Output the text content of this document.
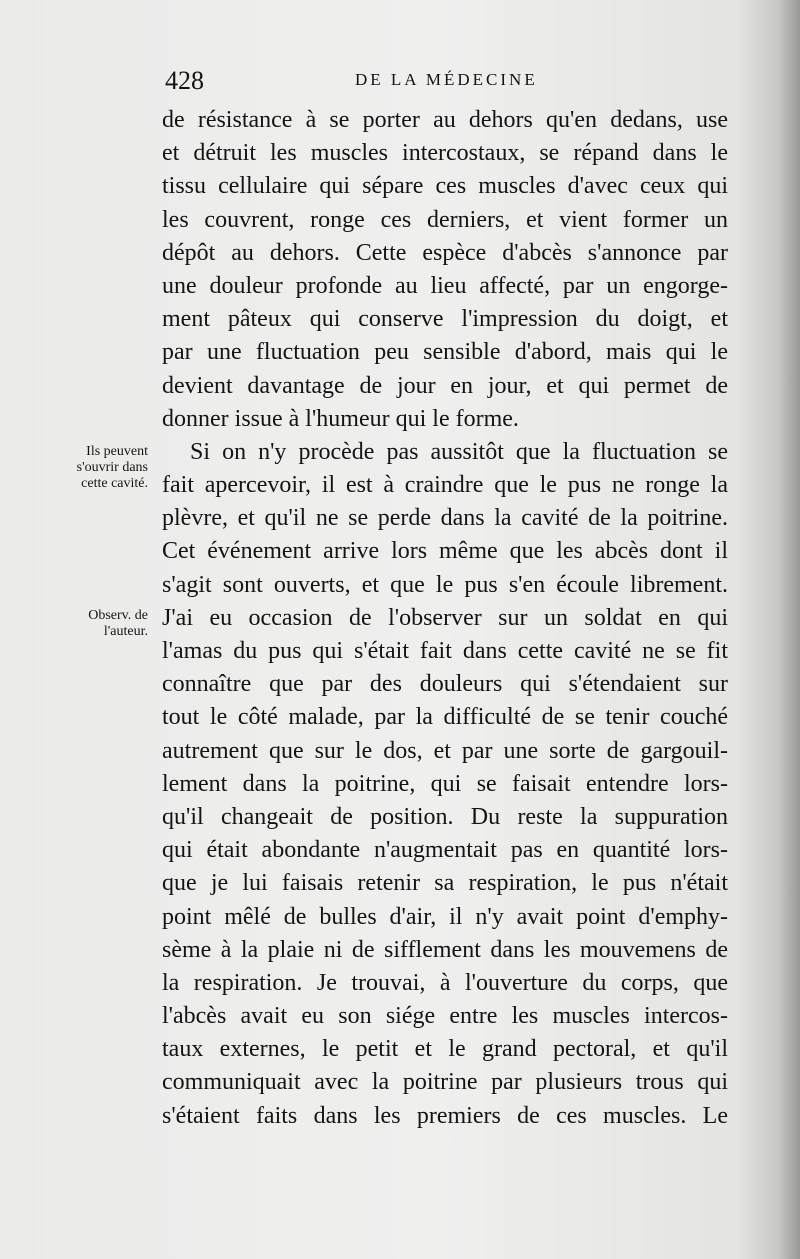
428	DE LA MÉDECINE
de résistance à se porter au dehors qu'en dedans, use
et détruit les muscles intercostaux, se répand dans le
tissu cellulaire qui sépare ces muscles d'avec ceux qui
les couvrent, ronge ces derniers, et vient former un
dépôt au dehors. Cette espèce d'abcès s'annonce par
une douleur profonde au lieu affecté, par un engorge-
ment pâteux qui conserve l'impression du doigt, et
par une fluctuation peu sensible d'abord, mais qui le
devient davantage de jour en jour, et qui permet de
donner issue à l'humeur qui le forme.
Si on n'y procède pas aussitôt que la fluctuation se
fait apercevoir, il est à craindre que le pus ne ronge la
plèvre, et qu'il ne se perde dans la cavité de la poitrine.
Cet événement arrive lors même que les abcès dont il
s'agit sont ouverts, et que le pus s'en écoule librement.
J'ai eu occasion de l'observer sur un soldat en qui
l'amas du pus qui s'était fait dans cette cavité ne se fit
connaître que par des douleurs qui s'étendaient sur
tout le côté malade, par la difficulté de se tenir couché
autrement que sur le dos, et par une sorte de gargouil-
lement dans la poitrine, qui se faisait entendre lors-
qu'il changeait de position. Du reste la suppuration
qui était abondante n'augmentait pas en quantité lors-
que je lui faisais retenir sa respiration, le pus n'était
point mêlé de bulles d'air, il n'y avait point d'emphy-
sème à la plaie ni de sifflement dans les mouvemens de
la respiration. Je trouvai, à l'ouverture du corps, que
l'abcès avait eu son siége entre les muscles intercos-
taux externes, le petit et le grand pectoral, et qu'il
communiquait avec la poitrine par plusieurs trous qui
s'étaient faits dans les premiers de ces muscles. Le
Ils peuvent
s'ouvrir dans
cette cavité.
Observ. de
l'auteur.
